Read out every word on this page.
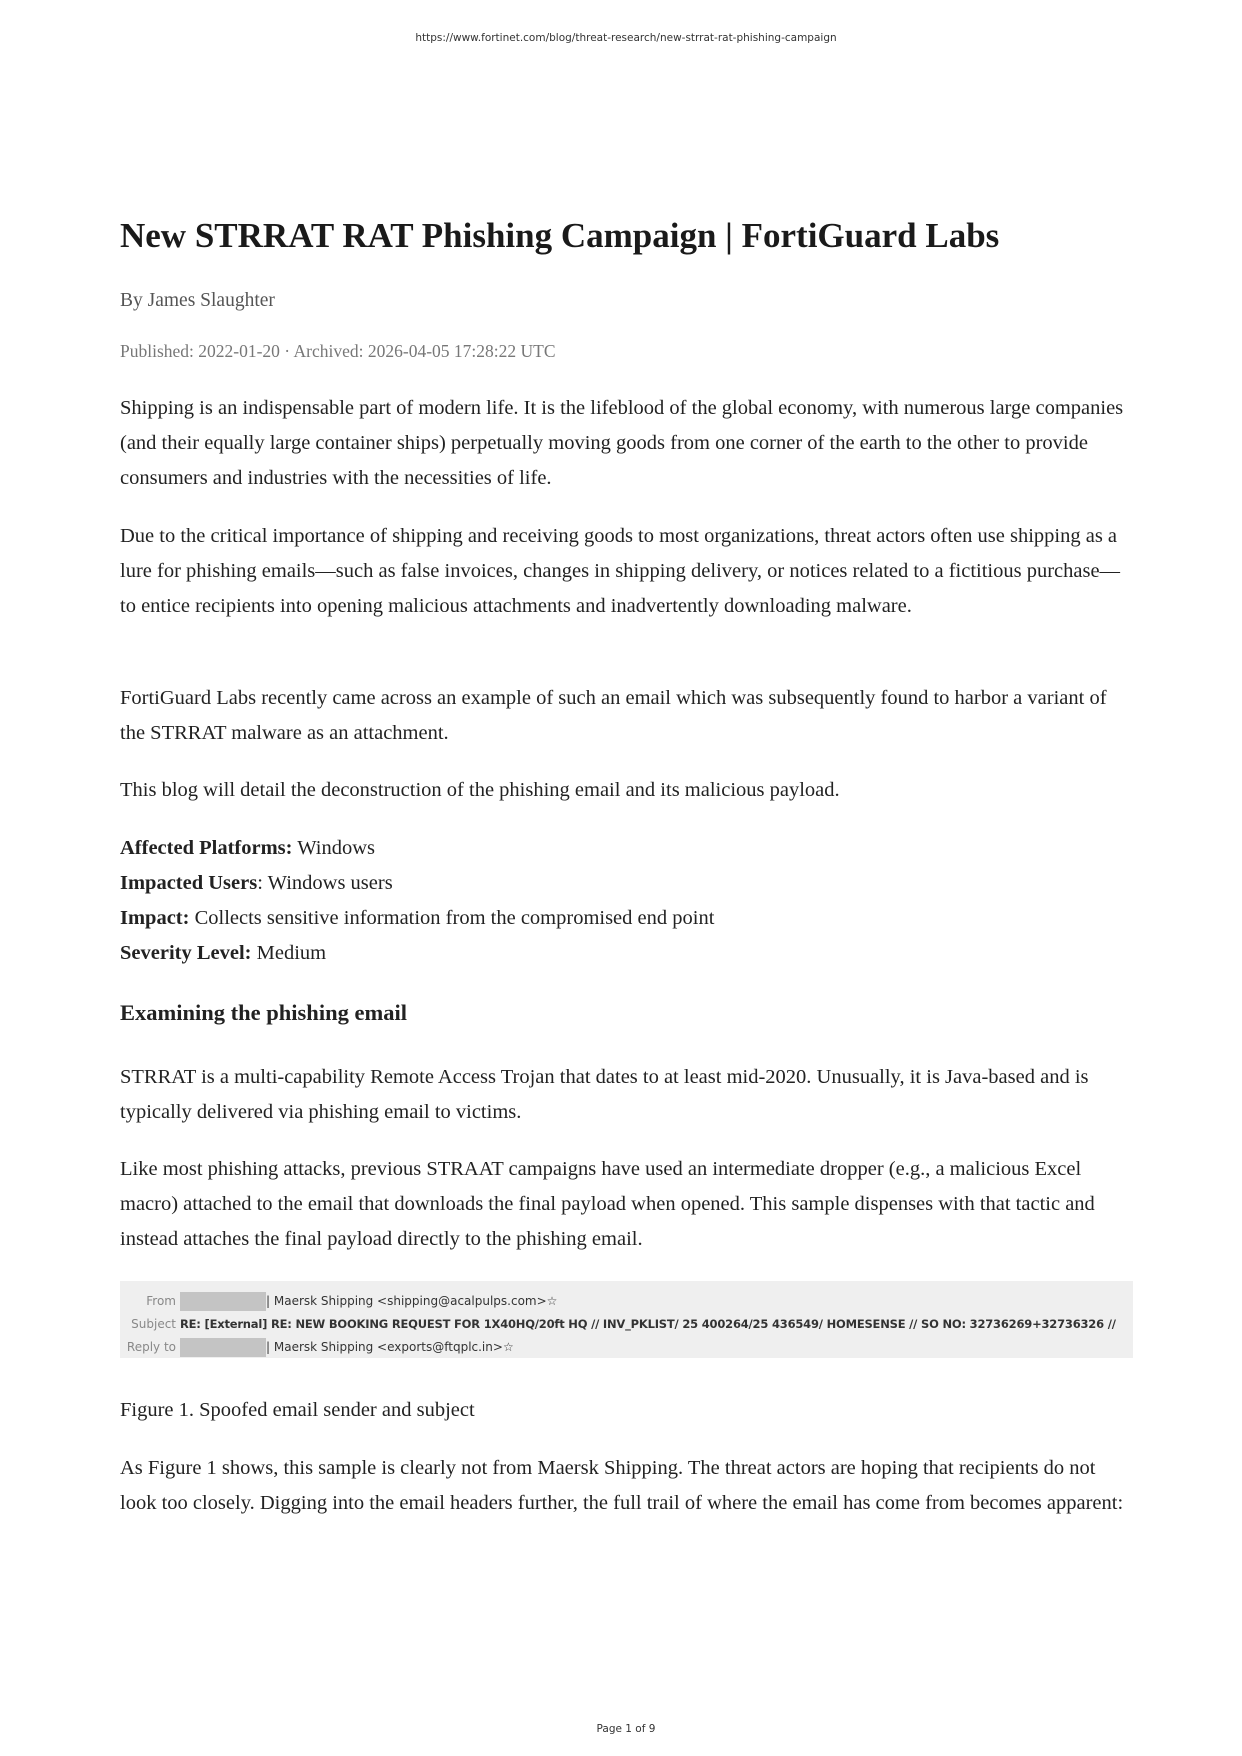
https://www.fortinet.com/blog/threat-research/new-strrat-rat-phishing-campaign
New STRRAT RAT Phishing Campaign | FortiGuard Labs
By James Slaughter
Published: 2022-01-20 · Archived: 2026-04-05 17:28:22 UTC

Shipping is an indispensable part of modern life. It is the lifeblood of the global economy, with numerous large companies (and their equally large container ships) perpetually moving goods from one corner of the earth to the other to provide consumers and industries with the necessities of life.

Due to the critical importance of shipping and receiving goods to most organizations, threat actors often use shipping as a lure for phishing emails—such as false invoices, changes in shipping delivery, or notices related to a fictitious purchase—to entice recipients into opening malicious attachments and inadvertently downloading malware.

FortiGuard Labs recently came across an example of such an email which was subsequently found to harbor a variant of the STRRAT malware as an attachment.

This blog will detail the deconstruction of the phishing email and its malicious payload.

Affected Platforms: Windows
Impacted Users: Windows users
Impact: Collects sensitive information from the compromised end point
Severity Level: Medium
Examining the phishing email

STRRAT is a multi-capability Remote Access Trojan that dates to at least mid-2020. Unusually, it is Java-based and is typically delivered via phishing email to victims.

Like most phishing attacks, previous STRAAT campaigns have used an intermediate dropper (e.g., a malicious Excel macro) attached to the email that downloads the final payload when opened. This sample dispenses with that tactic and instead attaches the final payload directly to the phishing email.

From	| Maersk Shipping <shipping@acalpulps.com>☆
Subject RE: [External] RE: NEW BOOKING REQUEST FOR 1X40HQ/20ft HQ // INV_PKLIST/ 25 400264/25 436549/ HOMESENSE // SO NO: 32736269+32736326 //
Reply to	| Maersk Shipping <exports@ftqplc.in>☆

Figure 1. Spoofed email sender and subject

As Figure 1 shows, this sample is clearly not from Maersk Shipping. The threat actors are hoping that recipients do not look too closely. Digging into the email headers further, the full trail of where the email has come from becomes apparent:

Page 1 of 9
